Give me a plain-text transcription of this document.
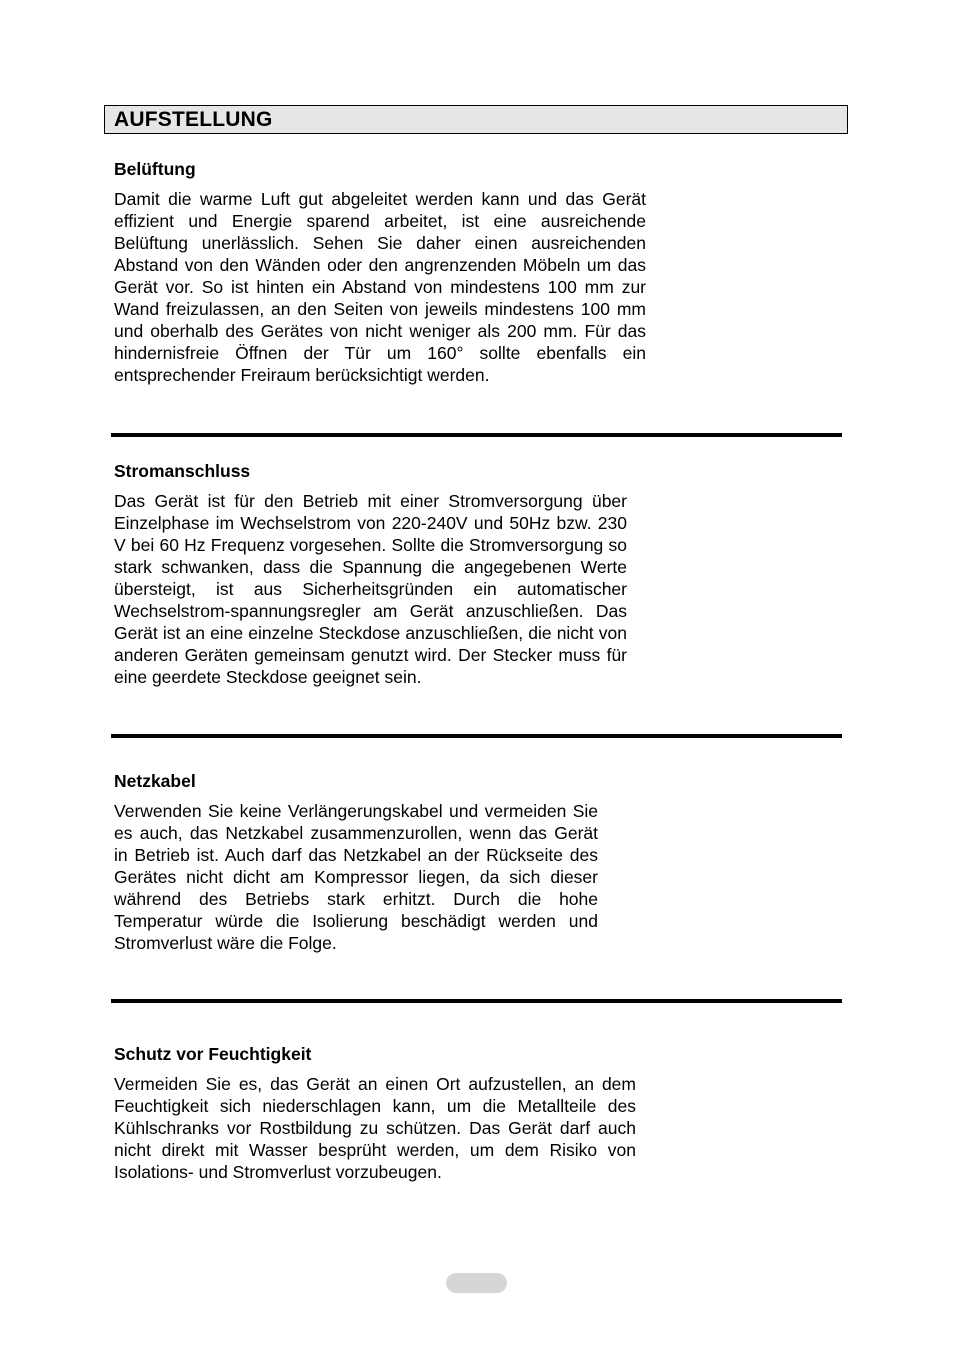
AUFSTELLUNG
Belüftung

Damit die warme Luft gut abgeleitet werden kann und das Gerät effizient und Energie sparend arbeitet, ist eine ausreichende Belüftung unerlässlich. Sehen Sie daher einen ausreichenden Abstand von den Wänden oder den angrenzenden Möbeln um das Gerät vor. So ist hinten ein Abstand von mindestens 100 mm zur Wand freizulassen, an den Seiten von jeweils mindestens 100 mm und oberhalb des Gerätes von nicht weniger als 200 mm. Für das hindernisfreie Öffnen der Tür um 160° sollte ebenfalls ein entsprechender Freiraum berücksichtigt werden.

Stromanschluss

Das Gerät ist für den Betrieb mit einer Stromversorgung über Einzelphase im Wechselstrom von 220-240V und 50Hz bzw. 230 V bei 60 Hz Frequenz vorgesehen. Sollte die Stromversorgung so stark schwanken, dass die Spannung die angegebenen Werte übersteigt, ist aus Sicherheitsgründen ein automatischer Wechselstrom-spannungsregler am Gerät anzuschließen. Das Gerät ist an eine einzelne Steckdose anzuschließen, die nicht von anderen Geräten gemeinsam genutzt wird. Der Stecker muss für eine geerdete Steckdose geeignet sein.

Netzkabel

Verwenden Sie keine Verlängerungskabel und vermeiden Sie es auch, das Netzkabel zusammenzurollen, wenn das Gerät in Betrieb ist. Auch darf das Netzkabel an der Rückseite des Gerätes nicht dicht am Kompressor liegen, da sich dieser während des Betriebs stark erhitzt. Durch die hohe Temperatur würde die Isolierung beschädigt werden und Stromverlust wäre die Folge.

Schutz vor Feuchtigkeit

Vermeiden Sie es, das Gerät an einen Ort aufzustellen, an dem Feuchtigkeit sich niederschlagen kann, um die Metallteile des Kühlschranks vor Rostbildung zu schützen. Das Gerät darf auch nicht direkt mit Wasser besprüht werden, um dem Risiko von Isolations- und Stromverlust vorzubeugen.
